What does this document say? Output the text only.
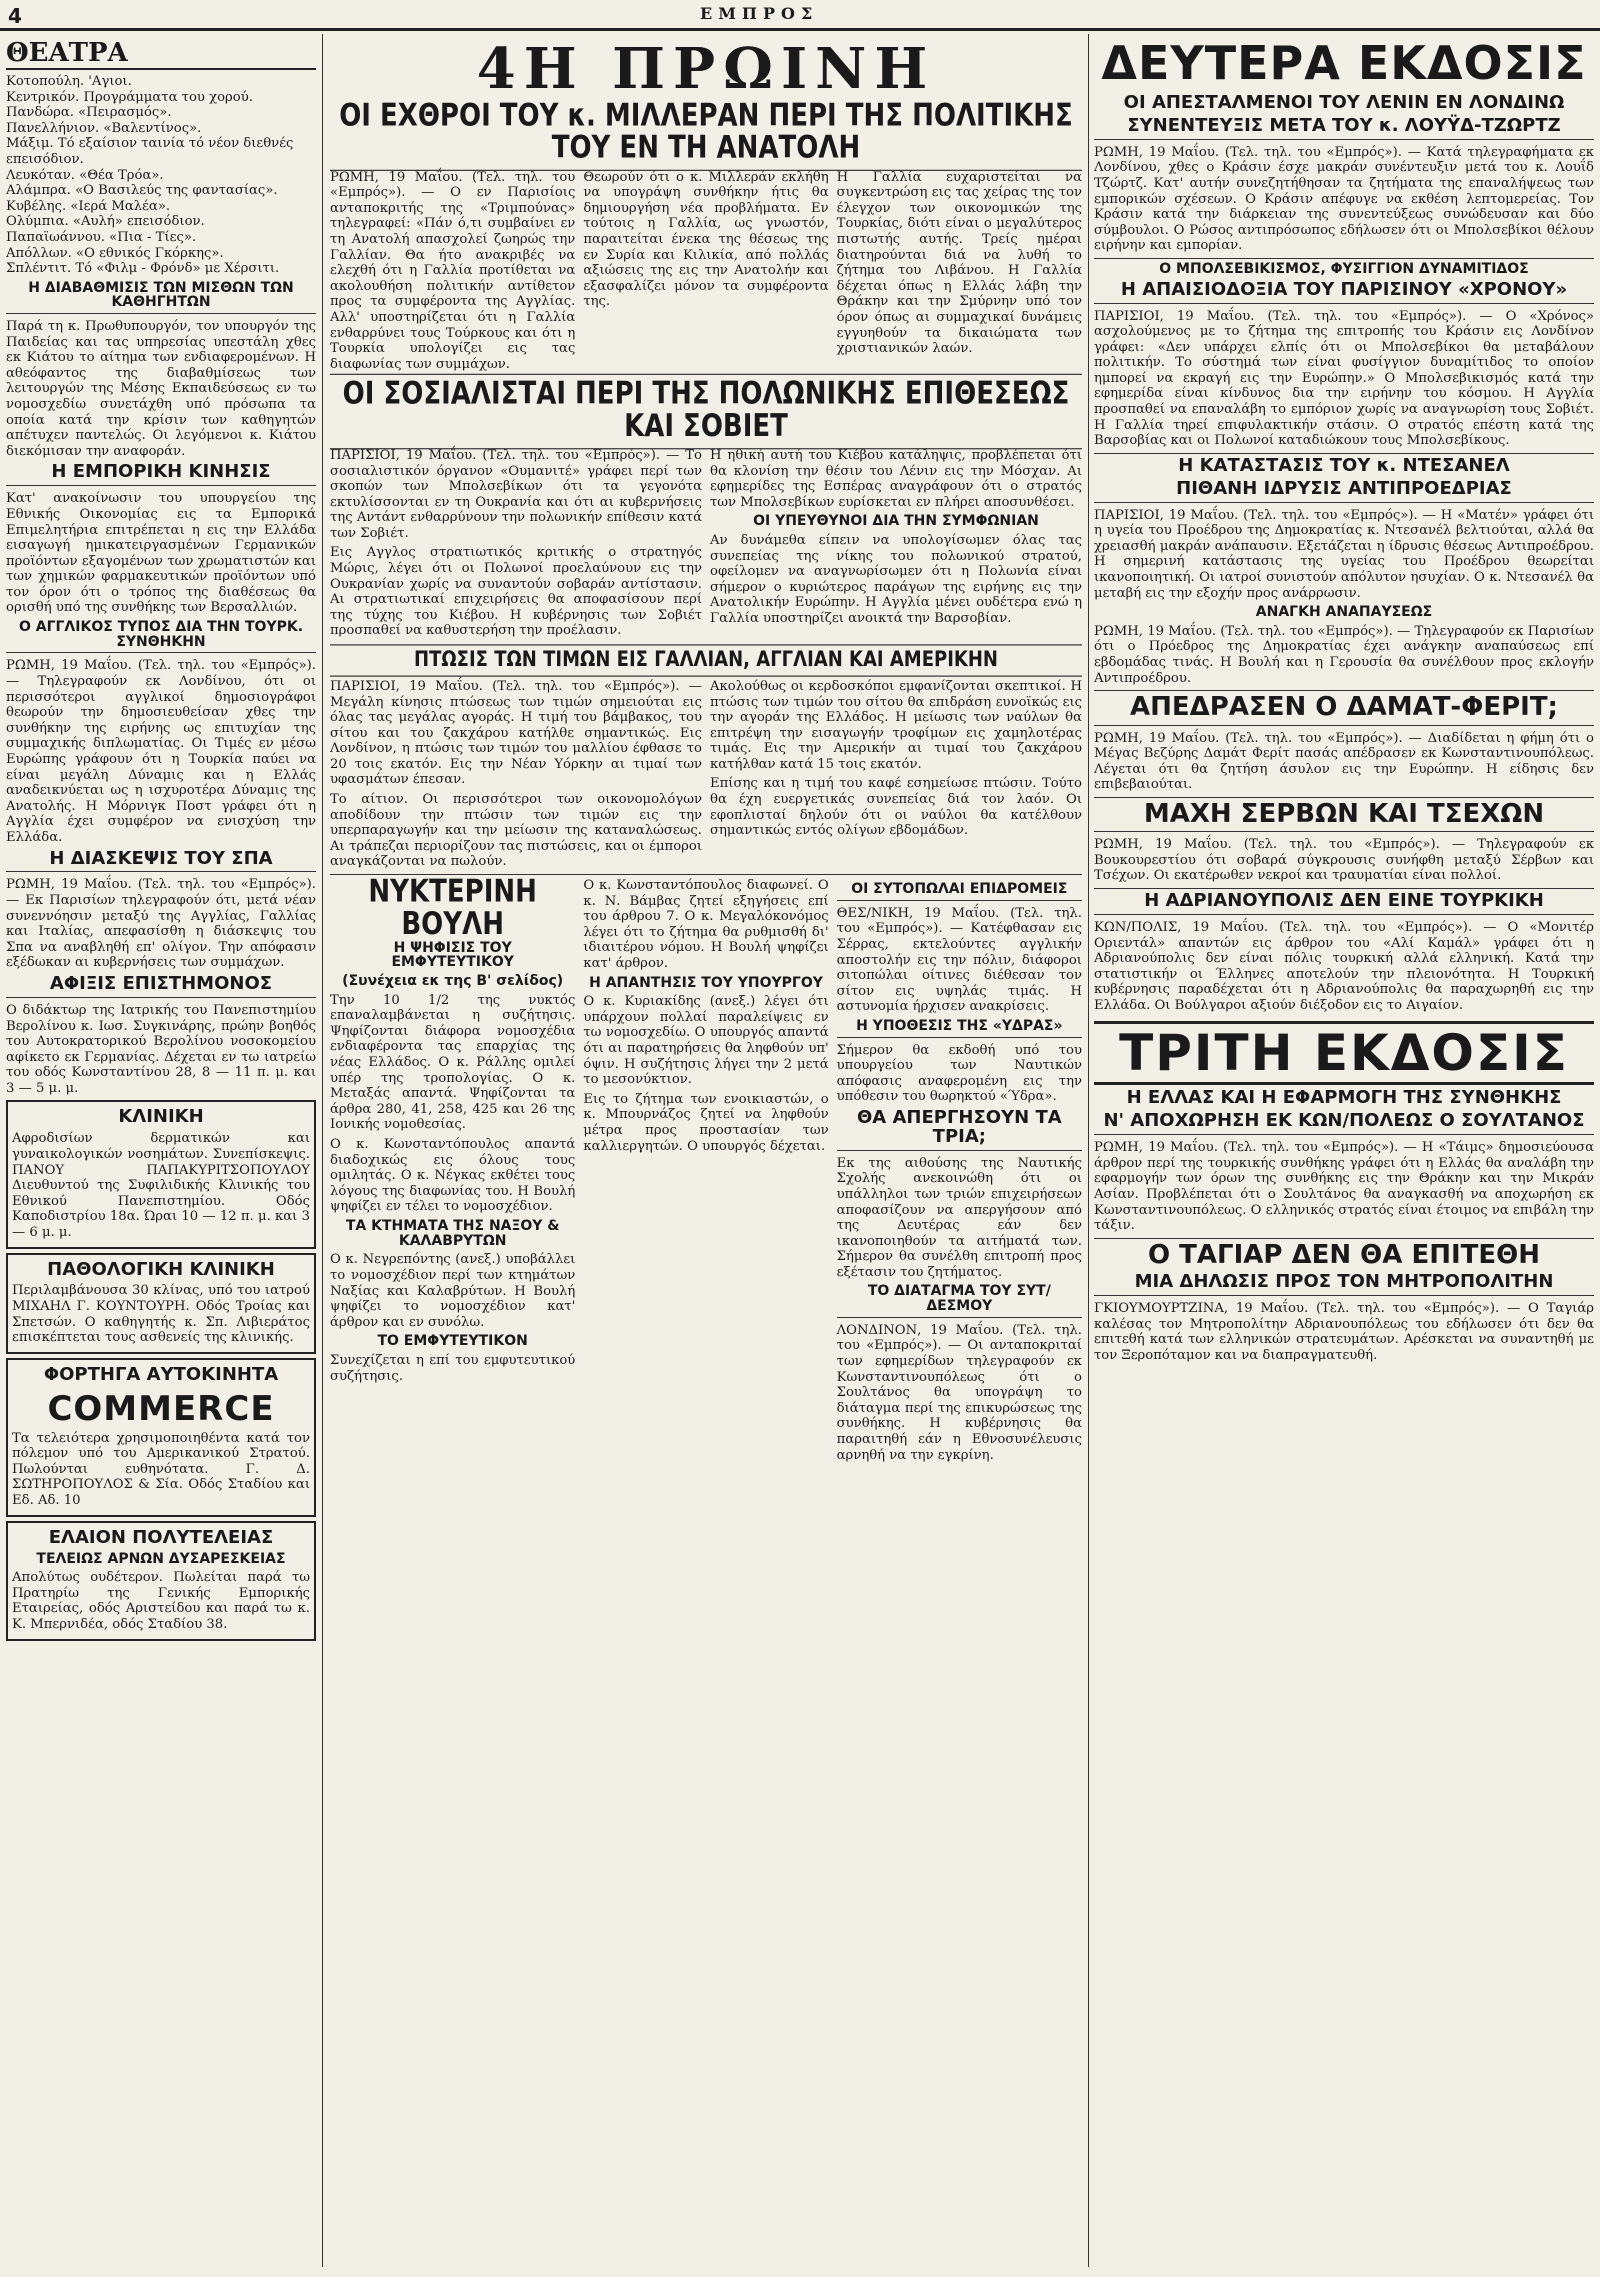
4	ΕΜΠΡΟΣ
ΘΕΑΤΡΑ

Κοτοπούλη. 'Αγιοι.

Κεντρικόν. Προγράμματα του χορού.

Πανδώρα. «Πειρασμός».

Πανελλήνιον. «Βαλεντίνος».

Μάξιμ. Τό εξαίσιον ταινία τό νέον διεθνές επεισόδιον.

Λευκόταν. «Θέα Τρόα».

Αλάμπρα. «Ο Βασιλεύς της φαντασίας».

Κυβέλης. «Ιερά Μαλέα».

Ολύμπια. «Αυλή» επεισόδιον.

Παπαϊωάννου. «Πια - Τίες».

Απόλλων. «Ο εθνικός Γκόρκης».

Σπλέντιτ. Τό «Φιλμ - Φρόνδ» με Χέρσιτι.

Η ΔΙΑΒΑΘΜΙΣΙΣ ΤΩΝ ΜΙΣΘΩΝ ΤΩΝ ΚΑΘΗΓΗΤΩΝ

Παρά τη κ. Πρωθυπουργόν, τον υπουργόν της Παιδείας και τας υπηρεσίας υπεστάλη χθες εκ Κιάτου το αίτημα των ενδιαφερομένων. Η αθεόφαντος της διαβαθμίσεως των λειτουργών της Μέσης Εκπαιδεύσεως εν τω νομοσχεδίω συνετάχθη υπό πρόσωπα τα οποία κατά την κρίσιν των καθηγητών απέτυχεν παντελώς. Οι λεγόμενοι κ. Κιάτου διεκόμισαν την αναφοράν.

Η ΕΜΠΟΡΙΚΗ ΚΙΝΗΣΙΣ

Κατ' ανακοίνωσιν του υπουργείου της Εθνικής Οικονομίας εις τα Εμπορικά Επιμελητήρια επιτρέπεται η εις την Ελλάδα εισαγωγή ημικατειργασμένων Γερμανικών προϊόντων εξαγομένων των χρωματιστών και των χημικών φαρμακευτικών προϊόντων υπό τον όρον ότι ο τρόπος της διαθέσεως θα ορισθή υπό της συνθήκης των Βερσαλλιών.

Ο ΑΓΓΛΙΚΟΣ ΤΥΠΟΣ ΔΙΑ ΤΗΝ ΤΟΥΡΚ. ΣΥΝΘΗΚΗΝ

ΡΩΜΗ, 19 Μαΐου. (Τελ. τηλ. του «Εμπρός»). — Τηλεγραφούν εκ Λονδίνου, ότι οι περισσότεροι αγγλικοί δημοσιογράφοι θεωρούν την δημοσιευθείσαν χθες την συνθήκην της ειρήνης ως επιτυχίαν της συμμαχικής διπλωματίας. Οι Τιμές εν μέσω Ευρώπης γράφουν ότι η Τουρκία παύει να είναι μεγάλη Δύναμις και η Ελλάς αναδεικνύεται ως η ισχυροτέρα Δύναμις της Ανατολής. Η Μόρνιγκ Ποστ γράφει ότι η Αγγλία έχει συμφέρον να ενισχύση την Ελλάδα.

Η ΔΙΑΣΚΕΨΙΣ ΤΟΥ ΣΠΑ

ΡΩΜΗ, 19 Μαΐου. (Τελ. τηλ. του «Εμπρός»). — Εκ Παρισίων τηλεγραφούν ότι, μετά νέαν συνεννόησιν μεταξύ της Αγγλίας, Γαλλίας και Ιταλίας, απεφασίσθη η διάσκεψις του Σπα να αναβληθή επ' ολίγον. Την απόφασιν εξέδωκαν αι κυβερνήσεις των συμμάχων.

ΑΦΙΞΙΣ ΕΠΙΣΤΗΜΟΝΟΣ

Ο διδάκτωρ της Ιατρικής του Πανεπιστημίου Βερολίνου κ. Ιωσ. Συγκινάρης, πρώην βοηθός του Αυτοκρατορικού Βερολίνου νοσοκομείου αφίκετο εκ Γερμανίας. Δέχεται εν τω ιατρείω του οδός Κωνσταντίνου 28, 8 — 11 π. μ. και 3 — 5 μ. μ.

ΚΛΙΝΙΚΗ

Αφροδισίων δερματικών και γυναικολογικών νοσημάτων. Συνεπίσκεψις. ΠΑΝΟΥ ΠΑΠΑΚΥΡΙΤΣΟΠΟΥΛΟΥ Διευθυντού της Συφιλιδικής Κλινικής του Εθνικού Πανεπιστημίου. Οδός Καποδιστρίου 18α. Ώραι 10 — 12 π. μ. και 3 — 6 μ. μ.

ΠΑΘΟΛΟΓΙΚΗ ΚΛΙΝΙΚΗ

Περιλαμβάνουσα 30 κλίνας, υπό του ιατρού ΜΙΧΑΗΛ Γ. ΚΟΥΝΤΟΥΡΗ. Οδός Τροίας και Σπετσών. Ο καθηγητής κ. Σπ. Λιβιεράτος επισκέπτεται τους ασθενείς της κλινικής.

ΦΟΡΤΗΓΑ ΑΥΤΟΚΙΝΗΤΑ
COMMERCE

Τα τελειότερα χρησιμοποιηθέντα κατά τον πόλεμον υπό του Αμερικανικού Στρατού. Πωλούνται ευθηνότατα. Γ. Δ. ΣΩΤΗΡΟΠΟΥΛΟΣ & Σία. Οδός Σταδίου και Εδ. Αδ. 10

ΕΛΑΙΟΝ ΠΟΛΥΤΕΛΕΙΑΣ
ΤΕΛΕΙΩΣ ΑΡΝΩΝ ΔΥΣΑΡΕΣΚΕΙΑΣ

Απολύτως ουδέτερον. Πωλείται παρά τω Πρατηρίω της Γενικής Εμπορικής Εταιρείας, οδός Αριστείδου και παρά τω κ. Κ. Μπερνιδέα, οδός Σταδίου 38.

4Η ΠΡΩΙΝΗ
ΟΙ ΕΧΘΡΟΙ ΤΟΥ κ. ΜΙΛΛΕΡΑΝ ΠΕΡΙ ΤΗΣ ΠΟΛΙΤΙΚΗΣ ΤΟΥ ΕΝ ΤΗ ΑΝΑΤΟΛΗ

ΡΩΜΗ, 19 Μαΐου. (Τελ. τηλ. του «Εμπρός»). — Ο εν Παρισίοις ανταποκριτής της «Τριμπούνας» τηλεγραφεί: «Πάν ό,τι συμβαίνει εν τη Ανατολή απασχολεί ζωηρώς την Γαλλίαν. Θα ήτο ανακριβές να ελεχθή ότι η Γαλλία προτίθεται να ακολουθήση πολιτικήν αντίθετον προς τα συμφέροντα της Αγγλίας. Αλλ' υποστηρίζεται ότι η Γαλλία ενθαρρύνει τους Τούρκους και ότι η Τουρκία υπολογίζει εις τας διαφωνίας των συμμάχων.

Θεωρούν ότι ο κ. Μιλλεράν εκλήθη να υπογράψη συνθήκην ήτις θα δημιουργήση νέα προβλήματα. Εν τούτοις η Γαλλία, ως γνωστόν, παραιτείται ένεκα της θέσεως της εν Συρία και Κιλικία, από πολλάς αξιώσεις της εις την Ανατολήν και εξασφαλίζει μόνον τα συμφέροντα της.

Η Γαλλία ευχαριστείται να συγκεντρώση εις τας χείρας της τον έλεγχον των οικονομικών της Τουρκίας, διότι είναι ο μεγαλύτερος πιστωτής αυτής. Τρείς ημέραι διατηρούνται διά να λυθή το ζήτημα του Λιβάνου. Η Γαλλία δέχεται όπως η Ελλάς λάβη την Θράκην και την Σμύρνην υπό τον όρον όπως αι συμμαχικαί δυνάμεις εγγυηθούν τα δικαιώματα των χριστιανικών λαών.

ΟΙ ΣΟΣΙΑΛΙΣΤΑΙ ΠΕΡΙ ΤΗΣ ΠΟΛΩΝΙΚΗΣ ΕΠΙΘΕΣΕΩΣ ΚΑΙ ΣΟΒΙΕΤ

ΠΑΡΙΣΙΟΙ, 19 Μαΐου. (Τελ. τηλ. του «Εμπρός»). — Το σοσιαλιστικόν όργανον «Ουμανιτέ» γράφει περί των σκοπών των Μπολσεβίκων ότι τα γεγονότα εκτυλίσσονται εν τη Ουκρανία και ότι αι κυβερνήσεις της Αντάντ ενθαρρύνουν την πολωνικήν επίθεσιν κατά των Σοβιέτ.

Εις Αγγλος στρατιωτικός κριτικής ο στρατηγός Μώρις, λέγει ότι οι Πολωνοί προελαύνουν εις την Ουκρανίαν χωρίς να συναντούν σοβαράν αντίστασιν. Αι στρατιωτικαί επιχειρήσεις θα αποφασίσουν περί της τύχης του Κιέβου. Η κυβέρνησις των Σοβιέτ προσπαθεί να καθυστερήση την προέλασιν.

Η ηθική αυτή του Κιέβου κατάληψις, προβλέπεται ότι θα κλονίση την θέσιν του Λένιν εις την Μόσχαν. Αι εφημερίδες της Εσπέρας αναγράφουν ότι ο στρατός των Μπολσεβίκων ευρίσκεται εν πλήρει αποσυνθέσει.

ΟΙ ΥΠΕΥΘΥΝΟΙ ΔΙΑ ΤΗΝ ΣΥΜΦΩΝΙΑΝ

Αν δυνάμεθα είπειν να υπολογίσωμεν όλας τας συνεπείας της νίκης του πολωνικού στρατού, οφείλομεν να αναγνωρίσωμεν ότι η Πολωνία είναι σήμερον ο κυριώτερος παράγων της ειρήνης εις την Ανατολικήν Ευρώπην. Η Αγγλία μένει ουδέτερα ενώ η Γαλλία υποστηρίζει ανοικτά την Βαρσοβίαν.

ΠΤΩΣΙΣ ΤΩΝ ΤΙΜΩΝ ΕΙΣ ΓΑΛΛΙΑΝ, ΑΓΓΛΙΑΝ ΚΑΙ ΑΜΕΡΙΚΗΝ

ΠΑΡΙΣΙΟΙ, 19 Μαΐου. (Τελ. τηλ. του «Εμπρός»). — Μεγάλη κίνησις πτώσεως των τιμών σημειούται εις όλας τας μεγάλας αγοράς. Η τιμή του βάμβακος, του σίτου και του ζακχάρου κατήλθε σημαντικώς. Εις Λονδίνον, η πτώσις των τιμών του μαλλίου έφθασε το 20 τοις εκατόν. Εις την Νέαν Υόρκην αι τιμαί των υφασμάτων έπεσαν.

Το αίτιον. Οι περισσότεροι των οικονομολόγων αποδίδουν την πτώσιν των τιμών εις την υπερπαραγωγήν και την μείωσιν της καταναλώσεως. Αι τράπεζαι περιορίζουν τας πιστώσεις, και οι έμποροι αναγκάζονται να πωλούν.

Ακολούθως οι κερδοσκόποι εμφανίζονται σκεπτικοί. Η πτώσις των τιμών του σίτου θα επιδράση ευνοϊκώς εις την αγοράν της Ελλάδος. Η μείωσις των ναύλων θα επιτρέψη την εισαγωγήν τροφίμων εις χαμηλοτέρας τιμάς. Εις την Αμερικήν αι τιμαί του ζακχάρου κατήλθαν κατά 15 τοις εκατόν.

Επίσης και η τιμή του καφέ εσημείωσε πτώσιν. Τούτο θα έχη ευεργετικάς συνεπείας διά τον λαόν. Οι εφοπλισταί δηλούν ότι οι ναύλοι θα κατέλθουν σημαντικώς εντός ολίγων εβδομάδων.

ΝΥΚΤΕΡΙΝΗ ΒΟΥΛΗ
Η ΨΗΦΙΣΙΣ ΤΟΥ ΕΜΦΥΤΕΥΤΙΚΟΥ
(Συνέχεια εκ της Β' σελίδος)

Την 10 1/2 της νυκτός επαναλαμβάνεται η συζήτησις. Ψηφίζονται διάφορα νομοσχέδια ενδιαφέροντα τας επαρχίας της νέας Ελλάδος. Ο κ. Ράλλης ομιλεί υπέρ της τροπολογίας. Ο κ. Μεταξάς απαντά. Ψηφίζονται τα άρθρα 280, 41, 258, 425 και 26 της Ιονικής νομοθεσίας.

Ο κ. Κωνσταντόπουλος απαντά διαδοχικώς εις όλους τους ομιλητάς. Ο κ. Νέγκας εκθέτει τους λόγους της διαφωνίας του. Η Βουλή ψηφίζει εν τέλει το νομοσχέδιον.

ΤΑ ΚΤΗΜΑΤΑ ΤΗΣ ΝΑΞΟΥ & ΚΑΛΑΒΡΥΤΩΝ

Ο κ. Νεγρεπόντης (ανεξ.) υποβάλλει το νομοσχέδιον περί των κτημάτων Ναξίας και Καλαβρύτων. Η Βουλή ψηφίζει το νομοσχέδιον κατ' άρθρον και εν συνόλω.

ΤΟ ΕΜΦΥΤΕΥΤΙΚΟΝ

Συνεχίζεται η επί του εμφυτευτικού συζήτησις.

Ο κ. Κωνσταντόπουλος διαφωνεί. Ο κ. Ν. Βάμβας ζητεί εξηγήσεις επί του άρθρου 7. Ο κ. Μεγαλόκονόμος λέγει ότι το ζήτημα θα ρυθμισθή δι' ιδιαιτέρου νόμου. Η Βουλή ψηφίζει κατ' άρθρον.

Η ΑΠΑΝΤΗΣΙΣ ΤΟΥ ΥΠΟΥΡΓΟΥ

Ο κ. Κυριακίδης (ανεξ.) λέγει ότι υπάρχουν πολλαί παραλείψεις εν τω νομοσχεδίω. Ο υπουργός απαντά ότι αι παρατηρήσεις θα ληφθούν υπ' όψιν. Η συζήτησις λήγει την 2 μετά το μεσονύκτιον.

Εις το ζήτημα των ενοικιαστών, ο κ. Μπουρνάζος ζητεί να ληφθούν μέτρα προς προστασίαν των καλλιεργητών. Ο υπουργός δέχεται.

ΟΙ ΣΥΤΟΠΩΛΑΙ ΕΠΙΔΡΟΜΕΙΣ

ΘΕΣ/ΝΙΚΗ, 19 Μαΐου. (Τελ. τηλ. του «Εμπρός»). — Κατέφθασαν εις Σέρρας, εκτελούντες αγγλικήν αποστολήν εις την πόλιν, διάφοροι σιτοπώλαι οίτινες διέθεσαν τον σίτον εις υψηλάς τιμάς. Η αστυνομία ήρχισεν ανακρίσεις.

Η ΥΠΟΘΕΣΙΣ ΤΗΣ «ΥΔΡΑΣ»

Σήμερον θα εκδοθή υπό του υπουργείου των Ναυτικών απόφασις αναφερομένη εις την υπόθεσιν του θωρηκτού «Ύδρα».

ΘΑ ΑΠΕΡΓΗΣΟΥΝ ΤΑ ΤΡΙΑ;

Εκ της αιθούσης της Ναυτικής Σχολής ανεκοινώθη ότι οι υπάλληλοι των τριών επιχειρήσεων αποφασίζουν να απεργήσουν από της Δευτέρας εάν δεν ικανοποιηθούν τα αιτήματά των. Σήμερον θα συνέλθη επιτροπή προς εξέτασιν του ζητήματος.

ΤΟ ΔΙΑΤΑΓΜΑ ΤΟΥ ΣΥΤ/ΔΕΣΜΟΥ

ΛΟΝΔΙΝΟΝ, 19 Μαΐου. (Τελ. τηλ. του «Εμπρός»). — Οι ανταποκριταί των εφημερίδων τηλεγραφούν εκ Κωνσταντινουπόλεως ότι ο Σουλτάνος θα υπογράψη το διάταγμα περί της επικυρώσεως της συνθήκης. Η κυβέρνησις θα παραιτηθή εάν η Εθνοσυνέλευσις αρνηθή να την εγκρίνη.

ΔΕΥΤΕΡΑ ΕΚΔΟΣΙΣ
ΟΙ ΑΠΕΣΤΑΛΜΕΝΟΙ ΤΟΥ ΛΕΝΙΝ ΕΝ ΛΟΝΔΙΝΩ
ΣΥΝΕΝΤΕΥΞΙΣ ΜΕΤΑ ΤΟΥ κ. ΛΟΥΫΔ-ΤΖΩΡΤΖ

ΡΩΜΗ, 19 Μαΐου. (Τελ. τηλ. του «Εμπρός»). — Κατά τηλεγραφήματα εκ Λονδίνου, χθες ο Κράσιν έσχε μακράν συνέντευξιν μετά του κ. Λουΐδ Τζώρτζ. Κατ' αυτήν συνεζητήθησαν τα ζητήματα της επαναλήψεως των εμπορικών σχέσεων. Ο Κράσιν απέφυγε να εκθέση λεπτομερείας. Τον Κράσιν κατά την διάρκειαν της συνεντεύξεως συνώδευσαν και δύο σύμβουλοι. Ο Ρώσος αντιπρόσωπος εδήλωσεν ότι οι Μπολσεβίκοι θέλουν ειρήνην και εμπορίαν.

Ο ΜΠΟΛΣΕΒΙΚΙΣΜΟΣ, ΦΥΣΙΓΓΙΟΝ ΔΥΝΑΜΙΤΙΔΟΣ
Η ΑΠΑΙΣΙΟΔΟΞΙΑ ΤΟΥ ΠΑΡΙΣΙΝΟΥ «ΧΡΟΝΟΥ»

ΠΑΡΙΣΙΟΙ, 19 Μαΐου. (Τελ. τηλ. του «Εμπρός»). — Ο «Χρόνος» ασχολούμενος με το ζήτημα της επιτροπής του Κράσιν εις Λονδίνον γράφει: «Δεν υπάρχει ελπίς ότι οι Μπολσεβίκοι θα μεταβάλουν πολιτικήν. Το σύστημά των είναι φυσίγγιον δυναμίτιδος το οποίον ημπορεί να εκραγή εις την Ευρώπην.» Ο Μπολσεβικισμός κατά την εφημερίδα είναι κίνδυνος δια την ειρήνην του κόσμου. Η Αγγλία προσπαθεί να επαναλάβη το εμπόριον χωρίς να αναγνωρίση τους Σοβιέτ. Η Γαλλία τηρεί επιφυλακτικήν στάσιν. Ο στρατός επέστη κατά της Βαρσοβίας και οι Πολωνοί καταδιώκουν τους Μπολσεβίκους.

Η ΚΑΤΑΣΤΑΣΙΣ ΤΟΥ κ. ΝΤΕΣΑΝΕΛ
ΠΙΘΑΝΗ ΙΔΡΥΣΙΣ ΑΝΤΙΠΡΟΕΔΡΙΑΣ

ΠΑΡΙΣΙΟΙ, 19 Μαΐου. (Τελ. τηλ. του «Εμπρός»). — Η «Ματέν» γράφει ότι η υγεία του Προέδρου της Δημοκρατίας κ. Ντεσανέλ βελτιούται, αλλά θα χρειασθή μακράν ανάπαυσιν. Εξετάζεται η ίδρυσις θέσεως Αντιπροέδρου. Η σημερινή κατάστασις της υγείας του Προέδρου θεωρείται ικανοποιητική. Οι ιατροί συνιστούν απόλυτον ησυχίαν. Ο κ. Ντεσανέλ θα μεταβή εις την εξοχήν προς ανάρρωσιν.

ΑΝΑΓΚΗ ΑΝΑΠΑΥΣΕΩΣ

ΡΩΜΗ, 19 Μαΐου. (Τελ. τηλ. του «Εμπρός»). — Τηλεγραφούν εκ Παρισίων ότι ο Πρόεδρος της Δημοκρατίας έχει ανάγκην αναπαύσεως επί εβδομάδας τινάς. Η Βουλή και η Γερουσία θα συνέλθουν προς εκλογήν Αντιπροέδρου.

ΑΠΕΔΡΑΣΕΝ Ο ΔΑΜΑΤ-ΦΕΡΙΤ;

ΡΩΜΗ, 19 Μαΐου. (Τελ. τηλ. του «Εμπρός»). — Διαδίδεται η φήμη ότι ο Μέγας Βεζύρης Δαμάτ Φερίτ πασάς απέδρασεν εκ Κωνσταντινουπόλεως. Λέγεται ότι θα ζητήση άσυλον εις την Ευρώπην. Η είδησις δεν επιβεβαιούται.

ΜΑΧΗ ΣΕΡΒΩΝ ΚΑΙ ΤΣΕΧΩΝ

ΡΩΜΗ, 19 Μαΐου. (Τελ. τηλ. του «Εμπρός»). — Τηλεγραφούν εκ Βουκουρεστίου ότι σοβαρά σύγκρουσις συνήφθη μεταξύ Σέρβων και Τσέχων. Οι εκατέρωθεν νεκροί και τραυματίαι είναι πολλοί.

Η ΑΔΡΙΑΝΟΥΠΟΛΙΣ ΔΕΝ ΕΙΝΕ ΤΟΥΡΚΙΚΗ

ΚΩΝ/ΠΟΛΙΣ, 19 Μαΐου. (Τελ. τηλ. του «Εμπρός»). — Ο «Μονιτέρ Οριεντάλ» απαντών εις άρθρον του «Αλί Καμάλ» γράφει ότι η Αδριανούπολις δεν είναι πόλις τουρκική αλλά ελληνική. Κατά την στατιστικήν οι Έλληνες αποτελούν την πλειονότητα. Η Τουρκική κυβέρνησις παραδέχεται ότι η Αδριανούπολις θα παραχωρηθή εις την Ελλάδα. Οι Βούλγαροι αξιούν διέξοδον εις το Αιγαίον.

ΤΡΙΤΗ ΕΚΔΟΣΙΣ
Η ΕΛΛΑΣ ΚΑΙ Η ΕΦΑΡΜΟΓΗ ΤΗΣ ΣΥΝΘΗΚΗΣ
Ν' ΑΠΟΧΩΡΗΣΗ ΕΚ ΚΩΝ/ΠΟΛΕΩΣ Ο ΣΟΥΛΤΑΝΟΣ

ΡΩΜΗ, 19 Μαΐου. (Τελ. τηλ. του «Εμπρός»). — Η «Τάιμς» δημοσιεύουσα άρθρον περί της τουρκικής συνθήκης γράφει ότι η Ελλάς θα αναλάβη την εφαρμογήν των όρων της συνθήκης εις την Θράκην και την Μικράν Ασίαν. Προβλέπεται ότι ο Σουλτάνος θα αναγκασθή να αποχωρήση εκ Κωνσταντινουπόλεως. Ο ελληνικός στρατός είναι έτοιμος να επιβάλη την τάξιν.

Ο ΤΑΓΙΑΡ ΔΕΝ ΘΑ ΕΠΙΤΕΘΗ
ΜΙΑ ΔΗΛΩΣΙΣ ΠΡΟΣ ΤΟΝ ΜΗΤΡΟΠΟΛΙΤΗΝ

ΓΚΙΟΥΜΟΥΡΤΖΙΝΑ, 19 Μαΐου. (Τελ. τηλ. του «Εμπρός»). — Ο Ταγιάρ καλέσας τον Μητροπολίτην Αδριανουπόλεως του εδήλωσεν ότι δεν θα επιτεθή κατά των ελληνικών στρατευμάτων. Αρέσκεται να συναντηθή με τον Ξεροπόταμον και να διαπραγματευθή.
